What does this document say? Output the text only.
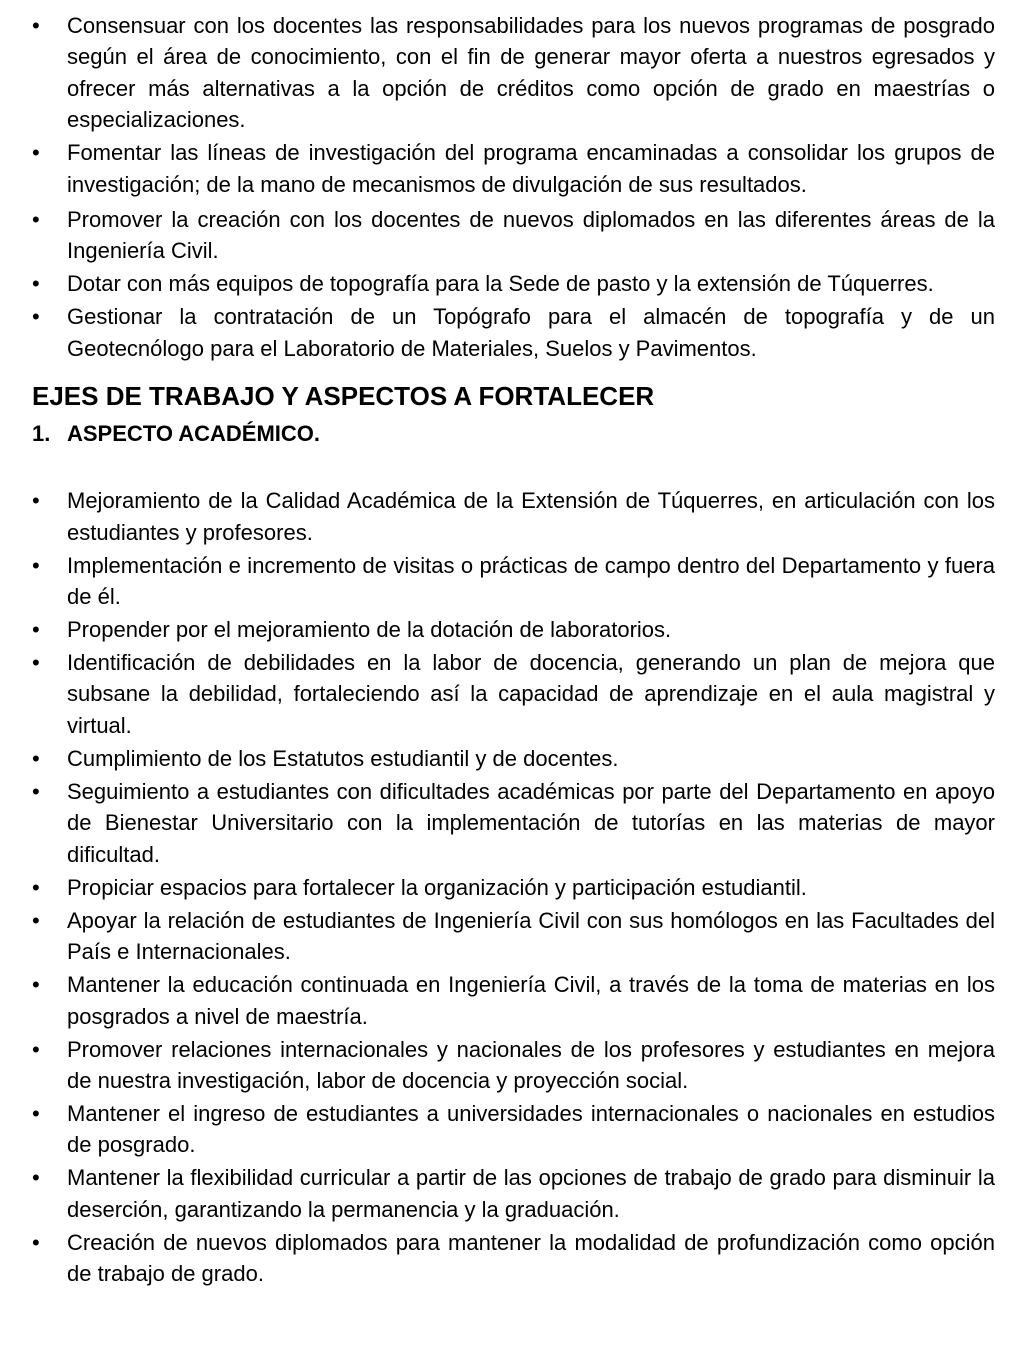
• Consensuar con los docentes las responsabilidades para los nuevos programas de posgrado según el área de conocimiento, con el fin de generar mayor oferta a nuestros egresados y ofrecer más alternativas a la opción de créditos como opción de grado en maestrías o especializaciones.
• Fomentar las líneas de investigación del programa encaminadas a consolidar los grupos de investigación; de la mano de mecanismos de divulgación de sus resultados.
• Promover la creación con los docentes de nuevos diplomados en las diferentes áreas de la Ingeniería Civil.
• Dotar con más equipos de topografía para la Sede de pasto y la extensión de Túquerres.
• Gestionar la contratación de un Topógrafo para el almacén de topografía y de un Geotecnólogo para el Laboratorio de Materiales, Suelos y Pavimentos.
EJES DE TRABAJO Y ASPECTOS A FORTALECER
1. ASPECTO ACADÉMICO.
• Mejoramiento de la Calidad Académica de la Extensión de Túquerres, en articulación con los estudiantes y profesores.
• Implementación e incremento de visitas o prácticas de campo dentro del Departamento y fuera de él.
• Propender por el mejoramiento de la dotación de laboratorios.
• Identificación de debilidades en la labor de docencia, generando un plan de mejora que subsane la debilidad, fortaleciendo así la capacidad de aprendizaje en el aula magistral y virtual.
• Cumplimiento de los Estatutos estudiantil y de docentes.
• Seguimiento a estudiantes con dificultades académicas por parte del Departamento en apoyo de Bienestar Universitario con la implementación de tutorías en las materias de mayor dificultad.
• Propiciar espacios para fortalecer la organización y participación estudiantil.
• Apoyar la relación de estudiantes de Ingeniería Civil con sus homólogos en las Facultades del País e Internacionales.
• Mantener la educación continuada en Ingeniería Civil, a través de la toma de materias en los posgrados a nivel de maestría.
• Promover relaciones internacionales y nacionales de los profesores y estudiantes en mejora de nuestra investigación, labor de docencia y proyección social.
• Mantener el ingreso de estudiantes a universidades internacionales o nacionales en estudios de posgrado.
• Mantener la flexibilidad curricular a partir de las opciones de trabajo de grado para disminuir la deserción, garantizando la permanencia y la graduación.
• Creación de nuevos diplomados para mantener la modalidad de profundización como opción de trabajo de grado.
